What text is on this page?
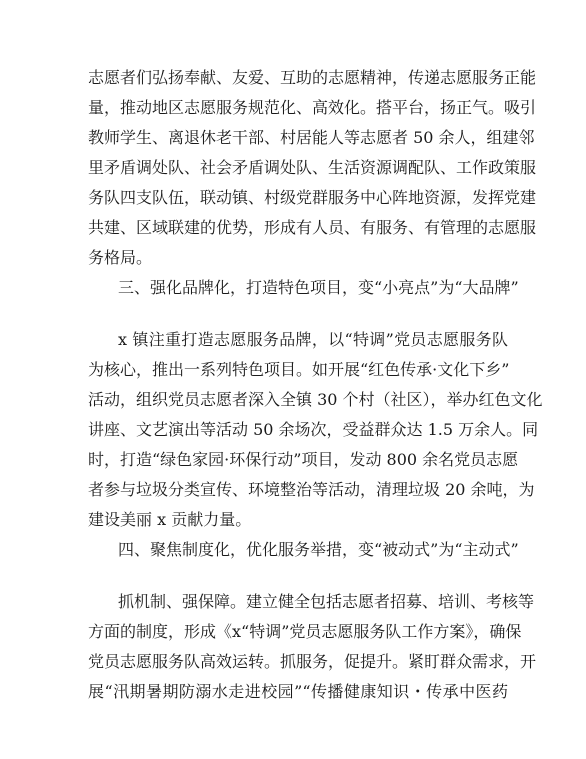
志愿者们弘扬奉献、友爱、互助的志愿精神，传递志愿服务正能
量，推动地区志愿服务规范化、高效化。搭平台，扬正气。吸引
教师学生、离退休老干部、村居能人等志愿者 50 余人，组建邻
里矛盾调处队、社会矛盾调处队、生活资源调配队、工作政策服
务队四支队伍，联动镇、村级党群服务中心阵地资源，发挥党建
共建、区域联建的优势，形成有人员、有服务、有管理的志愿服
务格局。
三、强化品牌化，打造特色项目，变“小亮点”为“大品牌”
x 镇注重打造志愿服务品牌，以“特调”党员志愿服务队
为核心，推出一系列特色项目。如开展“红色传承·文化下乡”
活动，组织党员志愿者深入全镇 30 个村（社区），举办红色文化
讲座、文艺演出等活动 50 余场次，受益群众达 1.5 万余人。同
时，打造“绿色家园·环保行动”项目，发动 800 余名党员志愿
者参与垃圾分类宣传、环境整治等活动，清理垃圾 20 余吨，为
建设美丽 x 贡献力量。
四、聚焦制度化，优化服务举措，变“被动式”为“主动式”
抓机制、强保障。建立健全包括志愿者招募、培训、考核等
方面的制度，形成《x“特调”党员志愿服务队工作方案》，确保
党员志愿服务队高效运转。抓服务，促提升。紧盯群众需求，开
展“汛期暑期防溺水走进校园”“传播健康知识・传承中医药
